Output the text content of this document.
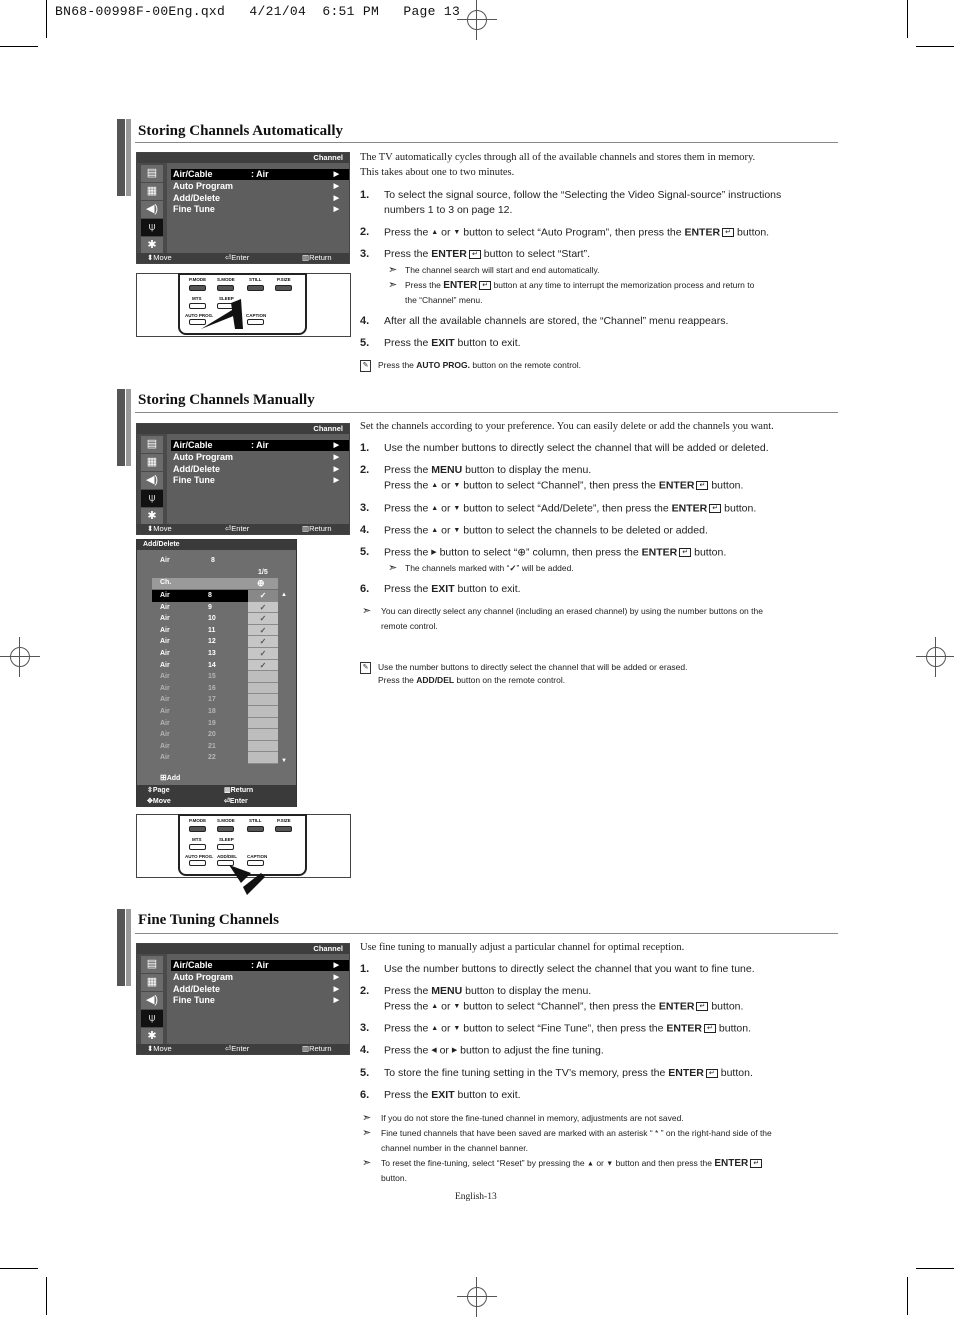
BN68-00998F-00Eng.qxd   4/21/04  6:51 PM   Page 13
Storing Channels Automatically
Channel
▤
▦
◀)
⍦
✱
Air/Cable	: Air	▶
Auto Program	▶
Add/Delete	▶
Fine Tune	▶
⬍ Move	⏎ Enter	▥ Return
P.MODE S.MODE	STILL	P.SIZE
MTS	SLEEP
AUTO PROG.	CAPTION
The TV automatically cycles through all of the available channels and stores them in memory.
This takes about one to two minutes.
1. To select the signal source, follow the “Selecting the Video Signal-source” instructions
numbers 1 to 3 on page 12.
2. Press the ▲ or ▼ button to select “Auto Program”, then press the ENTER ↵ button.
3. Press the ENTER ↵ button to select “Start”.
➣ The channel search will start and end automatically.
➣ Press the ENTER ↵ button at any time to interrupt the memorization process and return to
the “Channel” menu.
4. After all the available channels are stored, the “Channel” menu reappears.
5. Press the EXIT button to exit.
✎	Press the AUTO PROG. button on the remote control.
Storing Channels Manually
Channel
▤
▦
◀)
⍦
✱
Air/Cable	: Air	▶
Auto Program	▶
Add/Delete	▶
Fine Tune	▶
⬍ Move	⏎ Enter	▥ Return
Add/Delete
Air	8
1/5
Ch.	⊕
Air	8	✓
Air	9	✓
Air	10	✓
Air	11	✓
Air	12	✓
Air	13	✓
Air	14	✓
Air	15
Air	16
Air	17
Air	18
Air	19
Air	20
Air	21
Air	22
▲
▼
⊞Add
⇳ Page	▥ Return
✥ Move	⏎ Enter
P.MODE S.MODE	STILL	P.SIZE
MTS	SLEEP
AUTO PROG. ADD/DEL CAPTION
Set the channels according to your preference. You can easily delete or add the channels you want.
1. Use the number buttons to directly select the channel that will be added or deleted.
2. Press the MENU button to display the menu.
Press the ▲ or ▼ button to select “Channel”, then press the ENTER ↵ button.
3. Press the ▲ or ▼ button to select “Add/Delete”, then press the ENTER ↵ button.
4. Press the ▲ or ▼ button to select the channels to be deleted or added.
5. Press the ▶ button to select “⊕” column, then press the ENTER ↵ button.
➣ The channels marked with “✓” will be added.
6. Press the EXIT button to exit.
➣ You can directly select any channel (including an erased channel) by using the number buttons on the
remote control.
✎	Use the number buttons to directly select the channel that will be added or erased.
Press the ADD/DEL button on the remote control.
Fine Tuning Channels
Channel
▤
▦
◀)
⍦
✱
Air/Cable	: Air	▶
Auto Program	▶
Add/Delete	▶
Fine Tune	▶
⬍ Move	⏎ Enter	▥ Return
Use fine tuning to manually adjust a particular channel for optimal reception.
1. Use the number buttons to directly select the channel that you want to fine tune.
2. Press the MENU button to display the menu.
Press the ▲ or ▼ button to select “Channel”, then press the ENTER ↵ button.
3. Press the ▲ or ▼ button to select “Fine Tune”, then press the ENTER ↵ button.
4. Press the ◀ or ▶ button to adjust the fine tuning.
5. To store the fine tuning setting in the TV’s memory, press the ENTER ↵ button.
6. Press the EXIT button to exit.
➣ If you do not store the fine-tuned channel in memory, adjustments are not saved.
➣ Fine tuned channels that have been saved are marked with an asterisk “ * ” on the right-hand side of the
channel number in the channel banner.
➣ To reset the fine-tuning, select “Reset” by pressing the ▲ or ▼ button and then press the ENTER ↵
button.
English-13
